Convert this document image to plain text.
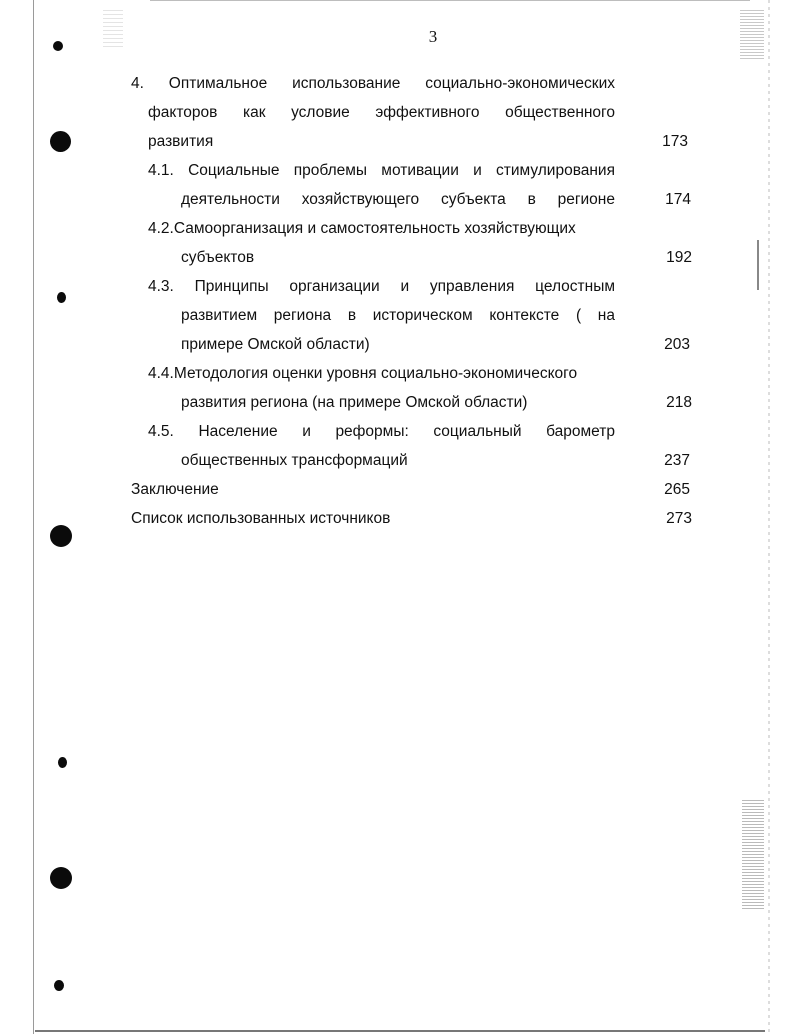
3
4. Оптимальное использование социально-экономических
факторов как условие эффективного общественного
развития	173
4.1. Социальные проблемы мотивации и стимулирования
деятельности хозяйствующего субъекта в регионе	174
4.2.Самоорганизация и самостоятельность хозяйствующих
субъектов	192
4.3. Принципы организации и управления целостным
развитием региона в историческом контексте ( на
примере Омской области)	203
4.4.Методология оценки уровня социально-экономического
развития региона (на примере Омской области)	218
4.5. Население и реформы: социальный барометр
общественных трансформаций	237
Заключение	265
Список использованных источников	273
